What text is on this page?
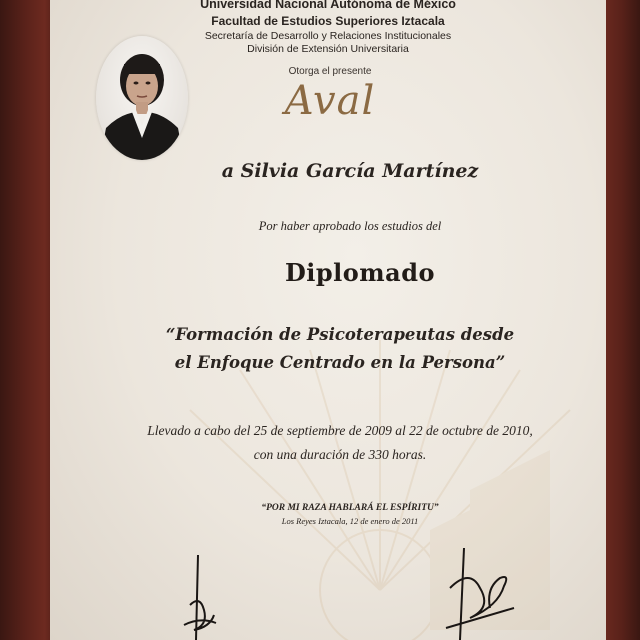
Universidad Nacional Autónoma de México
Facultad de Estudios Superiores Iztacala
Secretaría de Desarrollo y Relaciones Institucionales
División de Extensión Universitaria
Otorga el presente
Aval
a Silvia García Martínez
Por haber aprobado los estudios del
Diplomado
“Formación de Psicoterapeutas desde
el Enfoque Centrado en la Persona”
Llevado a cabo del 25 de septiembre de 2009 al 22 de octubre de 2010,
con una duración de 330 horas.
“POR MI RAZA HABLARÁ EL ESPÍRITU”
Los Reyes Iztacala, 12 de enero de 2011
